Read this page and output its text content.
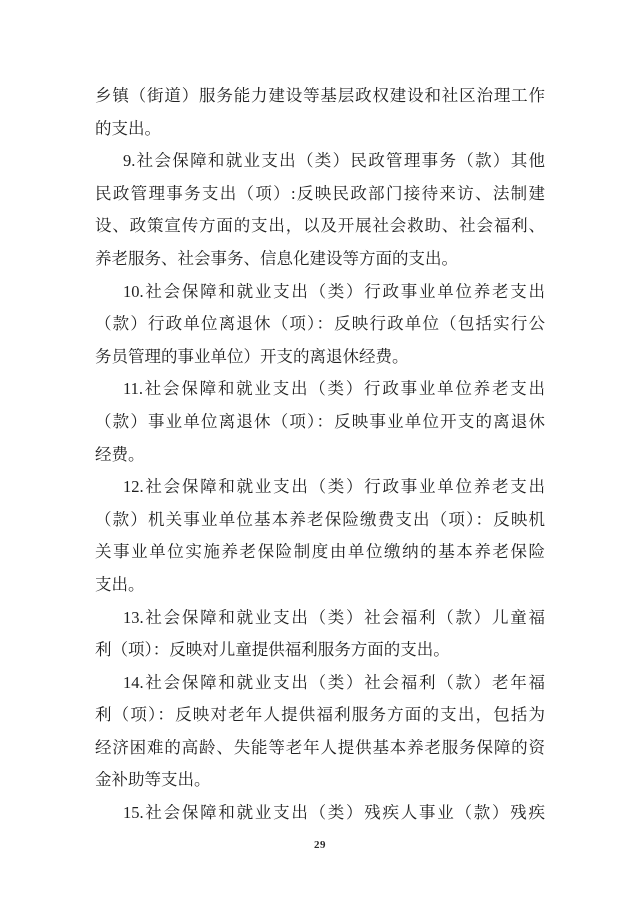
乡镇（街道）服务能力建设等基层政权建设和社区治理工作
的支出。
9.社会保障和就业支出（类）民政管理事务（款）其他
民政管理事务支出（项）:反映民政部门接待来访、法制建
设、政策宣传方面的支出，以及开展社会救助、社会福利、
养老服务、社会事务、信息化建设等方面的支出。
10.社会保障和就业支出（类）行政事业单位养老支出
（款）行政单位离退休（项）：反映行政单位（包括实行公
务员管理的事业单位）开支的离退休经费。
11.社会保障和就业支出（类）行政事业单位养老支出
（款）事业单位离退休（项）：反映事业单位开支的离退休
经费。
12.社会保障和就业支出（类）行政事业单位养老支出
（款）机关事业单位基本养老保险缴费支出（项）：反映机
关事业单位实施养老保险制度由单位缴纳的基本养老保险
支出。
13.社会保障和就业支出（类）社会福利（款）儿童福
利（项）：反映对儿童提供福利服务方面的支出。
14.社会保障和就业支出（类）社会福利（款）老年福
利（项）：反映对老年人提供福利服务方面的支出，包括为
经济困难的高龄、失能等老年人提供基本养老服务保障的资
金补助等支出。
15.社会保障和就业支出（类）残疾人事业（款）残疾
29
